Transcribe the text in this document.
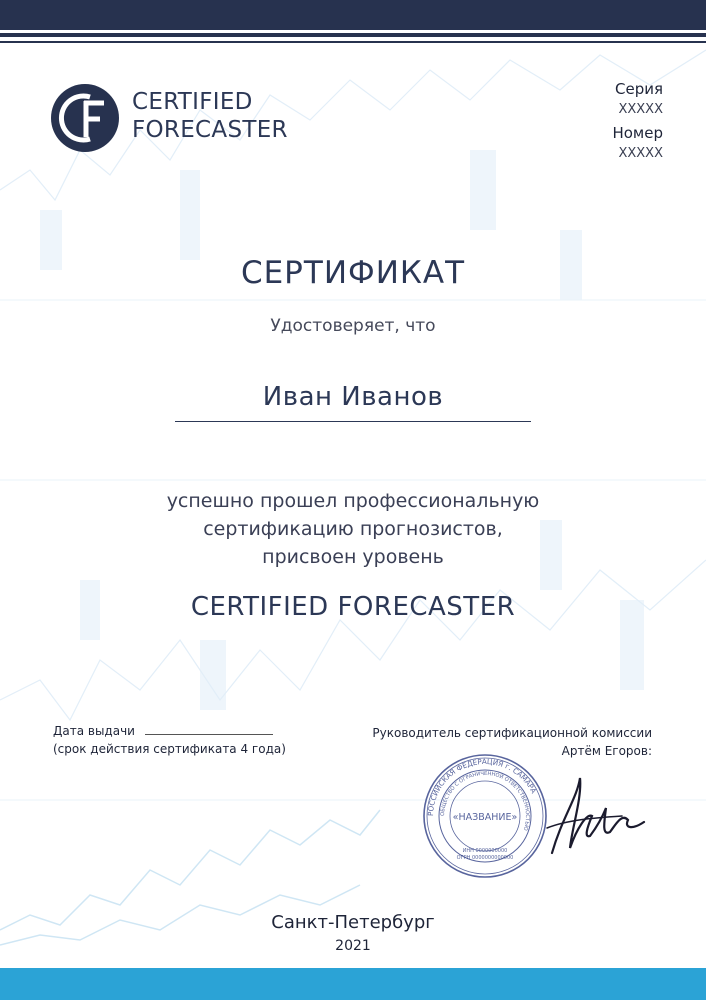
CERTIFIED
FORECASTER
Серия
XXXXX
Номер
XXXXX
СЕРТИФИКАТ
Удостоверяет, что
Иван Иванов
успешно прошел профессиональную
сертификацию прогнозистов,
присвоен уровень
CERTIFIED FORECASTER
Дата выдачи
(срок действия сертификата 4 года)
Руководитель сертификационной комиссии
Артём Егоров:
РОССИЙСКАЯ ФЕДЕРАЦИЯ г. САМАРА
ОБЩЕСТВО С ОГРАНИЧЕННОЙ ОТВЕТСТВЕННОСТЬЮ
«НАЗВАНИЕ»
ИНН 0000000000
ОГРН 0000000000000
Санкт-Петербург
2021
